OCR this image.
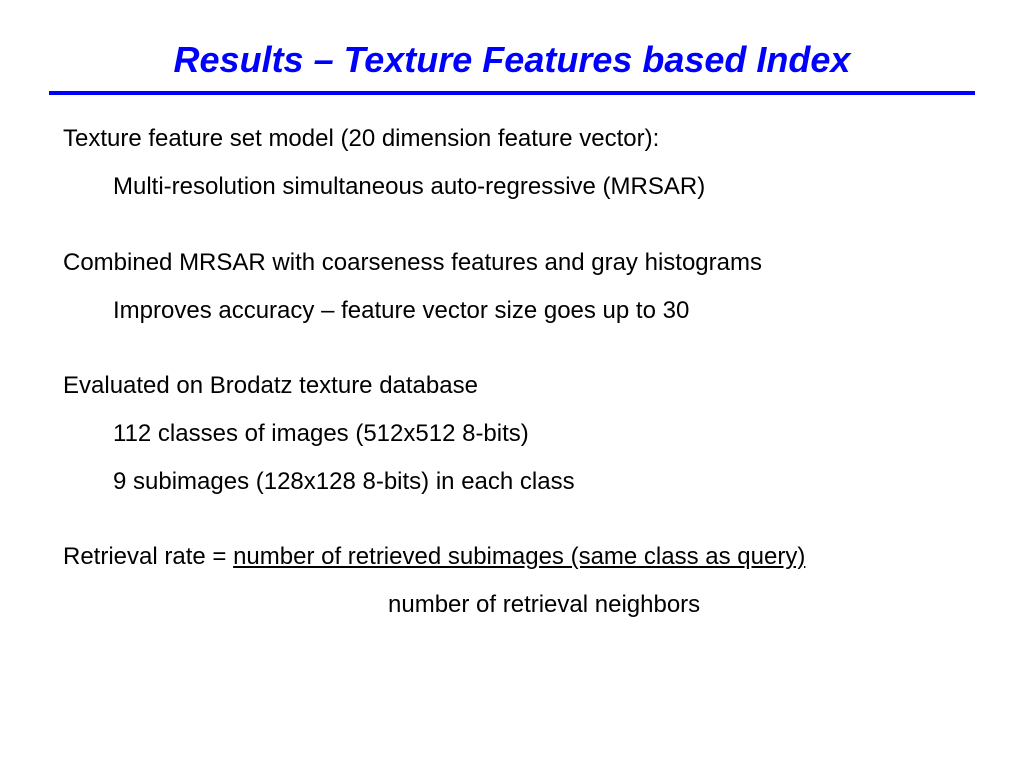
Results – Texture Features based Index
Texture feature set model (20 dimension feature vector):
Multi-resolution simultaneous auto-regressive (MRSAR)
Combined MRSAR with coarseness features and gray histograms
Improves accuracy – feature vector size goes up to 30
Evaluated on Brodatz texture database
112 classes of images (512x512 8-bits)
9 subimages (128x128 8-bits) in each class
Retrieval rate = number of retrieved subimages (same class as query)
number of retrieval neighbors
